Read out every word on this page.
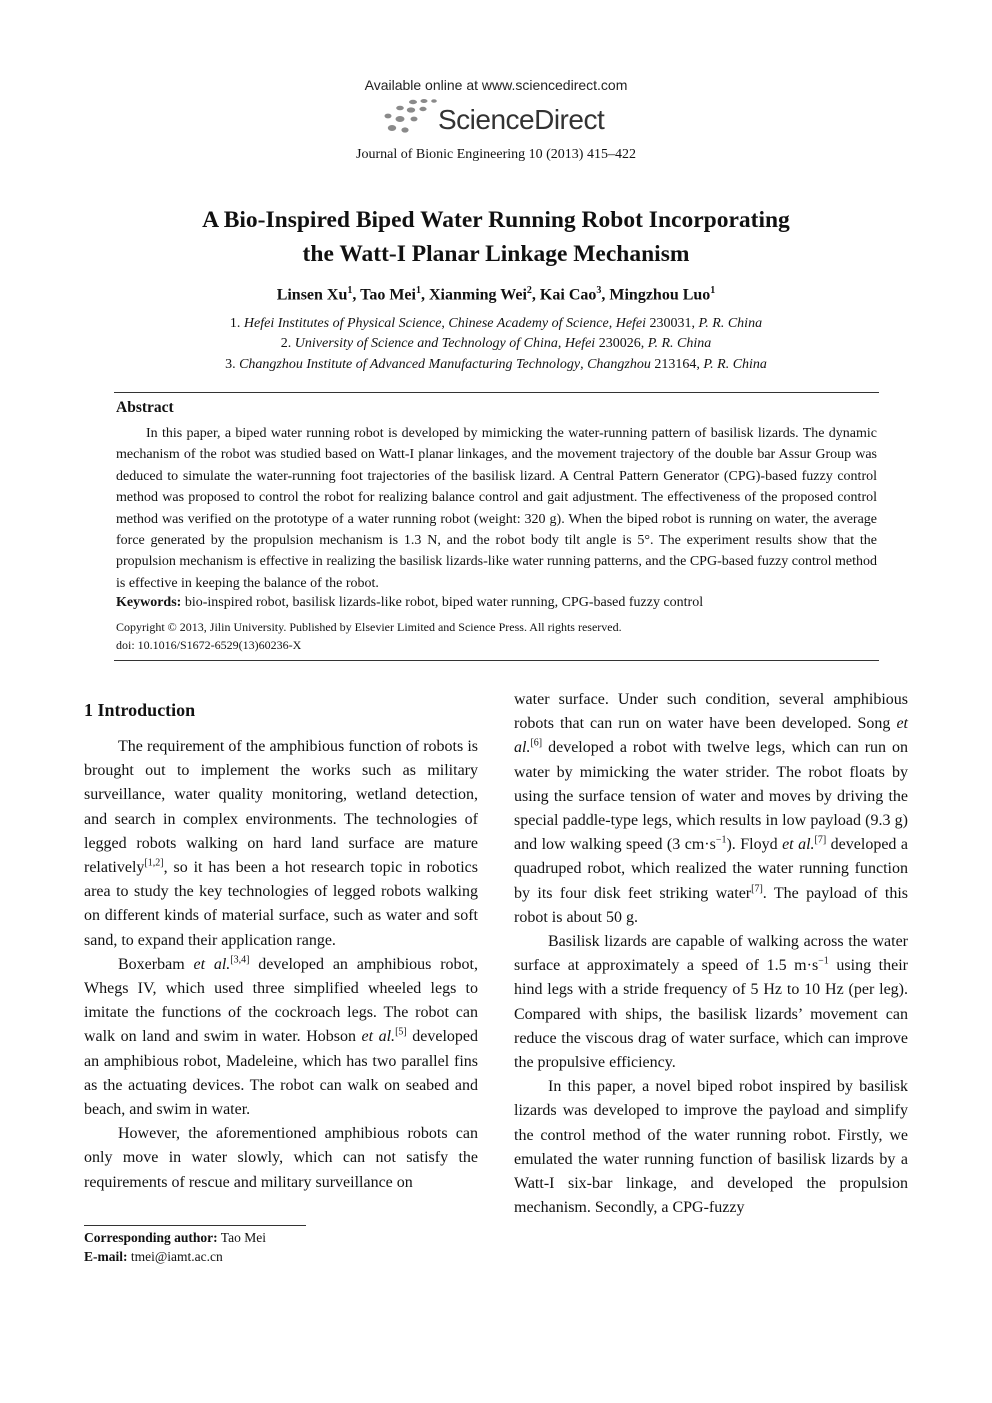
Available online at www.sciencedirect.com
ScienceDirect
Journal of Bionic Engineering 10 (2013) 415–422
A Bio-Inspired Biped Water Running Robot Incorporating
the Watt-I Planar Linkage Mechanism
Linsen Xu$^1$, Tao Mei$^1$, Xianming Wei$^2$, Kai Cao$^3$, Mingzhou Luo$^1$
1. Hefei Institutes of Physical Science, Chinese Academy of Science, Hefei 230031, P. R. China
2. University of Science and Technology of China, Hefei 230026, P. R. China
3. Changzhou Institute of Advanced Manufacturing Technology, Changzhou 213164, P. R. China
Abstract
In this paper, a biped water running robot is developed by mimicking the water-running pattern of basilisk lizards. The dynamic mechanism of the robot was studied based on Watt-I planar linkages, and the movement trajectory of the double bar Assur Group was deduced to simulate the water-running foot trajectories of the basilisk lizard. A Central Pattern Generator (CPG)-based fuzzy control method was proposed to control the robot for realizing balance control and gait adjustment. The effectiveness of the proposed control method was verified on the prototype of a water running robot (weight: 320 g). When the biped robot is running on water, the average force generated by the propulsion mechanism is 1.3 N, and the robot body tilt angle is 5°. The experiment results show that the propulsion mechanism is effective in realizing the basilisk lizards-like water running patterns, and the CPG-based fuzzy control method is effective in keeping the balance of the robot.
Keywords: bio-inspired robot, basilisk lizards-like robot, biped water running, CPG-based fuzzy control
Copyright © 2013, Jilin University. Published by Elsevier Limited and Science Press. All rights reserved.
doi: 10.1016/S1672-6529(13)60236-X
1 Introduction

The requirement of the amphibious function of robots is brought out to implement the works such as military surveillance, water quality monitoring, wetland detection, and search in complex environments. The technologies of legged robots walking on hard land surface are mature relatively[1,2], so it has been a hot research topic in robotics area to study the key technologies of legged robots walking on different kinds of material surface, such as water and soft sand, to expand their application range.

Boxerbam et al.[3,4] developed an amphibious robot, Whegs IV, which used three simplified wheeled legs to imitate the functions of the cockroach legs. The robot can walk on land and swim in water. Hobson et al.[5] developed an amphibious robot, Madeleine, which has two parallel fins as the actuating devices. The robot can walk on seabed and beach, and swim in water.

However, the aforementioned amphibious robots can only move in water slowly, which can not satisfy the requirements of rescue and military surveillance on

water surface. Under such condition, several amphibious robots that can run on water have been developed. Song et al.[6] developed a robot with twelve legs, which can run on water by mimicking the water strider. The robot floats by using the surface tension of water and moves by driving the special paddle-type legs, which results in low payload (9.3 g) and low walking speed (3 $cm\cdot s^{-1}$). Floyd et al.[7] developed a quadruped robot, which realized the water running function by its four disk feet striking water[7]. The payload of this robot is about 50 g.

Basilisk lizards are capable of walking across the water surface at approximately a speed of 1.5 $m\cdot s^{-1}$ using their hind legs with a stride frequency of 5 Hz to 10 Hz (per leg). Compared with ships, the basilisk lizards’ movement can reduce the viscous drag of water surface, which can improve the propulsive efficiency.

In this paper, a novel biped robot inspired by basilisk lizards was developed to improve the payload and simplify the control method of the water running robot. Firstly, we emulated the water running function of basilisk lizards by a Watt-I six-bar linkage, and developed the propulsion mechanism. Secondly, a CPG-fuzzy

Corresponding author: Tao Mei
E-mail: tmei@iamt.ac.cn
